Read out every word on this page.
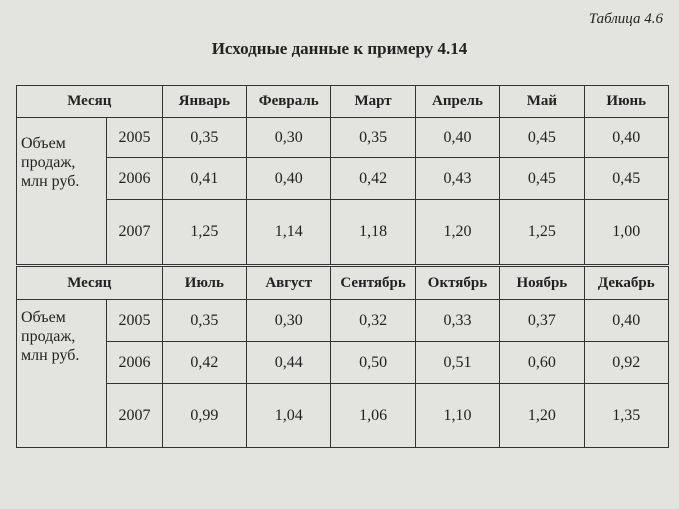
Таблица 4.6
Исходные данные к примеру 4.14
Месяц		Январь	Февраль	Март	Апрель	Май	Июнь
Объем
продаж,
млн руб.	2005	0,35	0,30	0,35	0,40	0,45	0,40
	2006	0,41	0,40	0,42	0,43	0,45	0,45
	2007	1,25	1,14	1,18	1,20	1,25	1,00
Месяц		Июль	Август	Сентябрь	Октябрь	Ноябрь	Декабрь
Объем
продаж,
млн руб.	2005	0,35	0,30	0,32	0,33	0,37	0,40
	2006	0,42	0,44	0,50	0,51	0,60	0,92
	2007	0,99	1,04	1,06	1,10	1,20	1,35
